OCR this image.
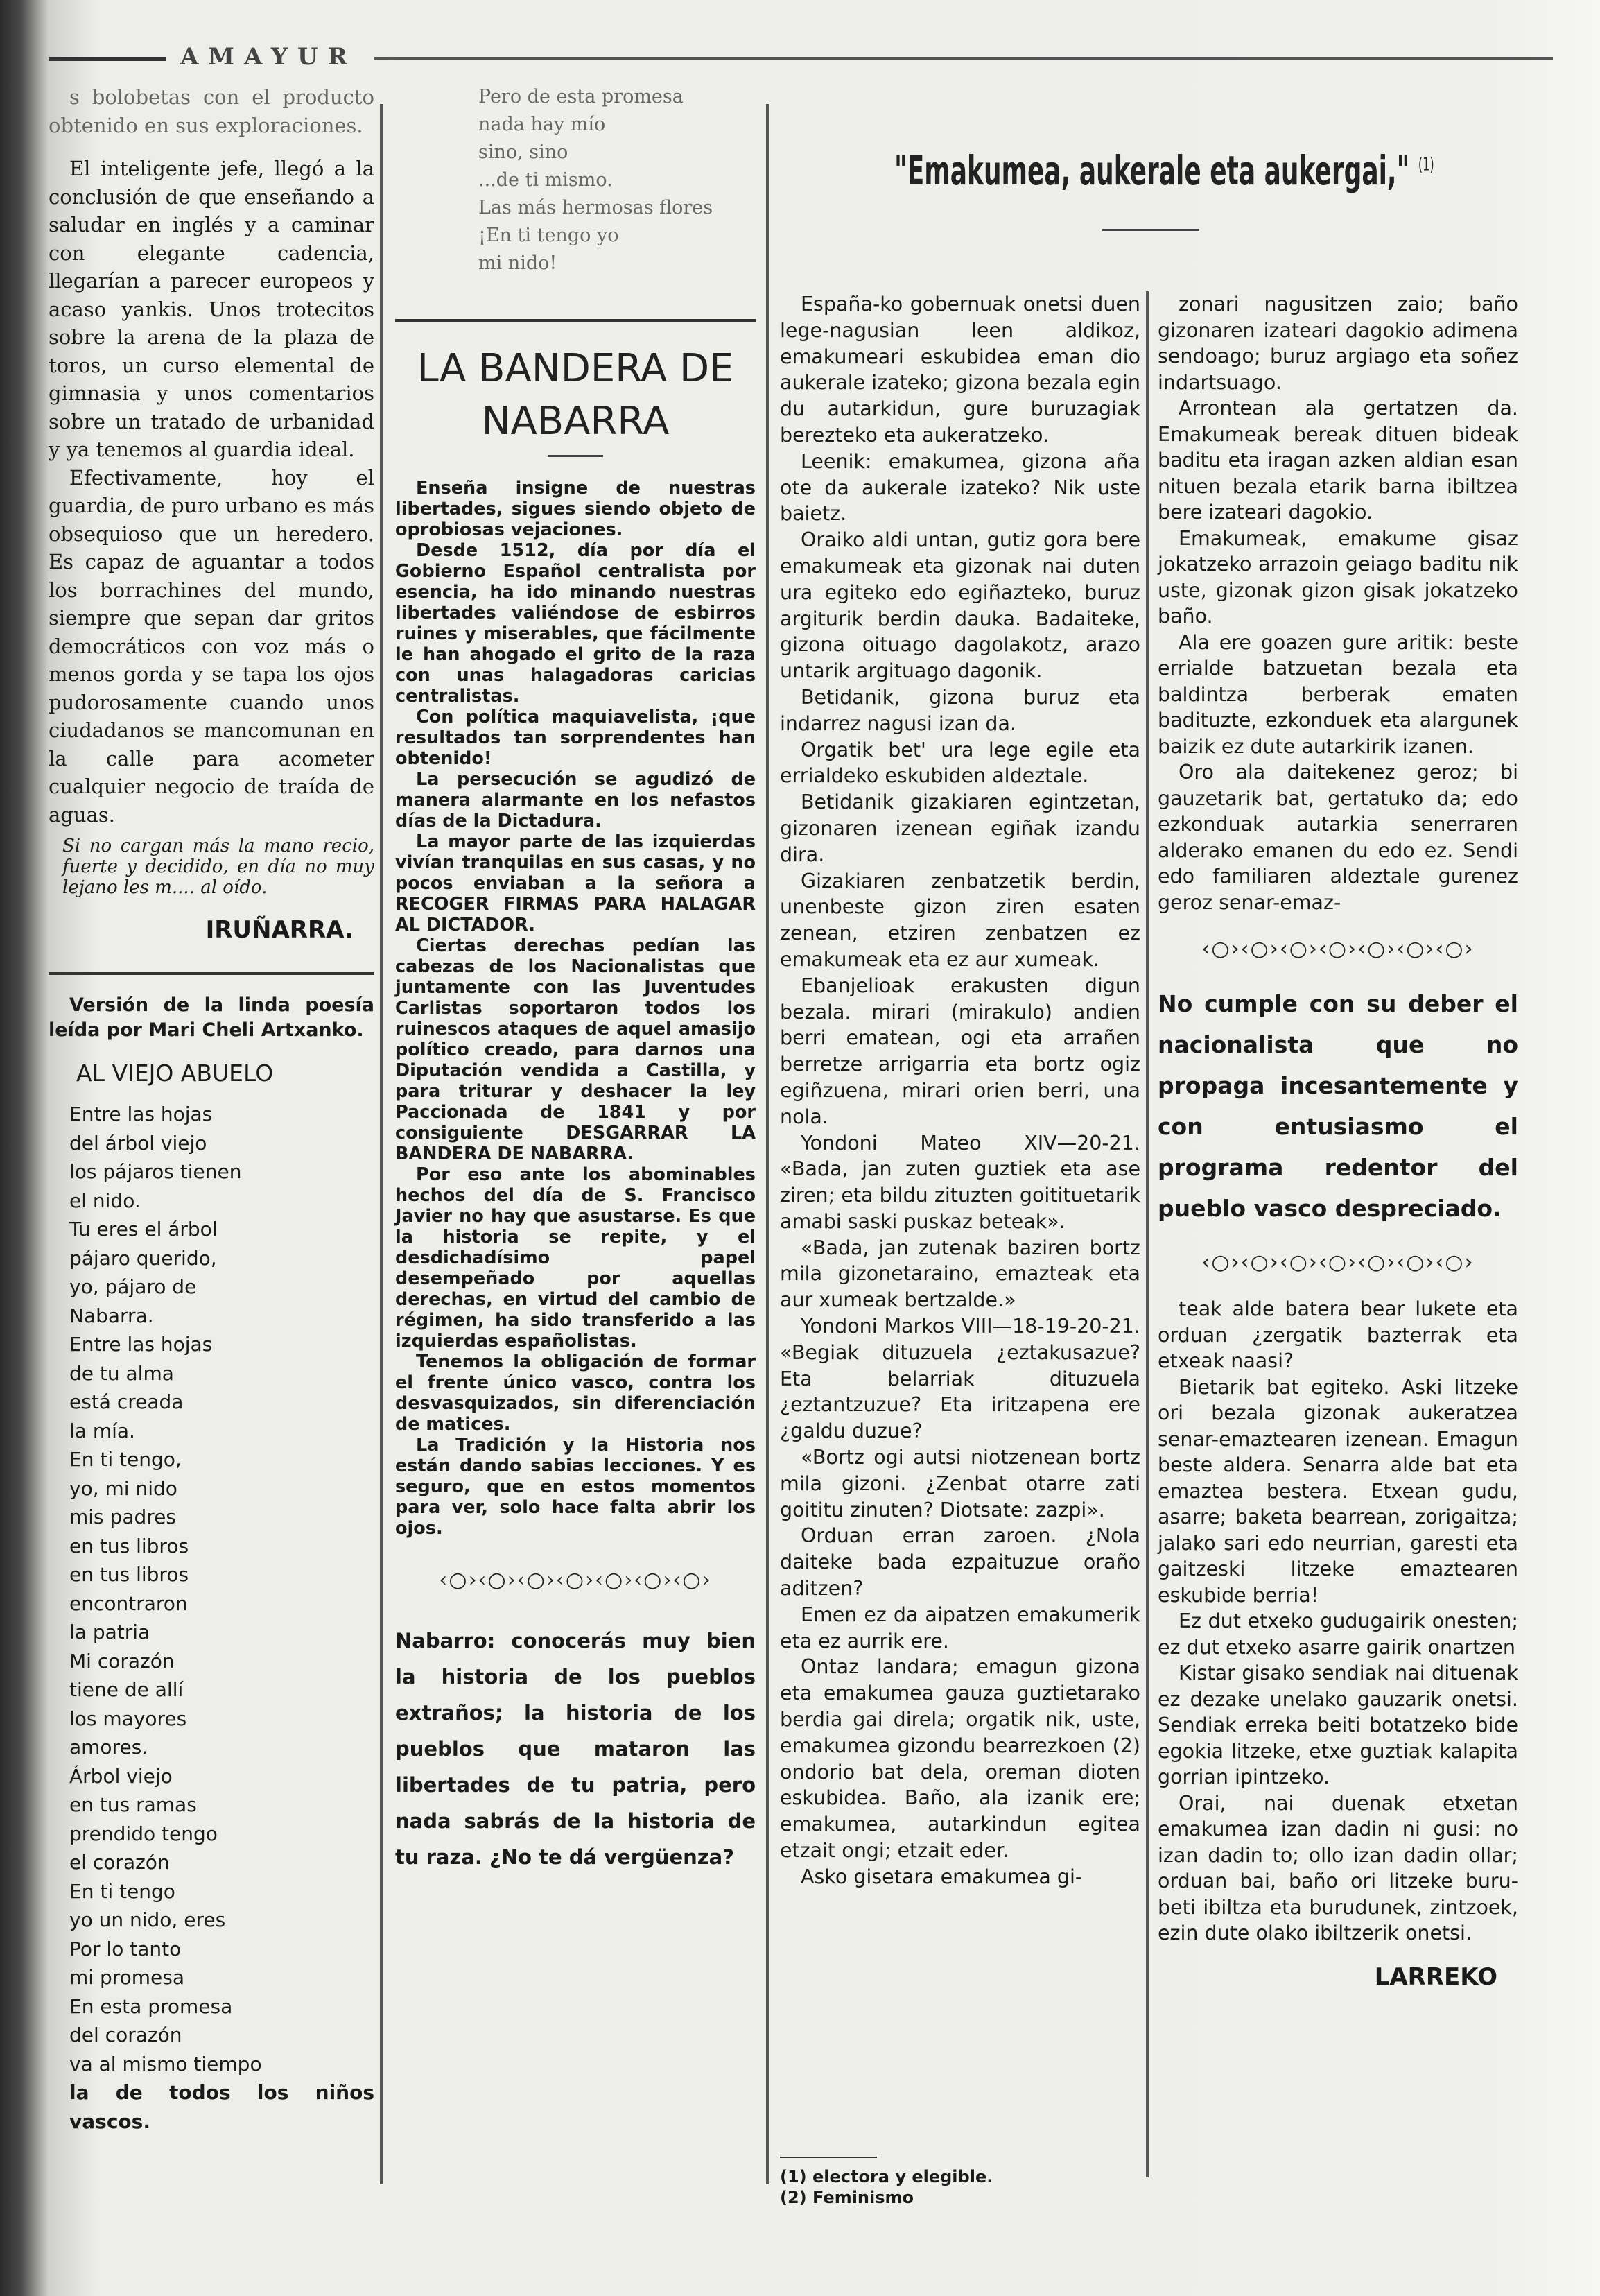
AMAYUR

s bolobetas con el producto obtenido en sus exploraciones.

El inteligente jefe, llegó a la conclusión de que enseñando a saludar en inglés y a caminar con elegante cadencia, llegarían a parecer europeos y acaso yankis. Unos trotecitos sobre la arena de la plaza de toros, un curso elemental de gimnasia y unos comentarios sobre un tratado de urbanidad y ya tenemos al guardia ideal.

Efectivamente, hoy el guardia, de puro urbano es más obsequioso que un heredero. Es capaz de aguantar a todos los borrachines del mundo, siempre que sepan dar gritos democráticos con voz más o menos gorda y se tapa los ojos pudorosamente cuando unos ciudadanos se mancomunan en la calle para acometer cualquier negocio de traída de aguas.

Si no cargan más la mano recio, fuerte y decidido, en día no muy lejano les m.... al oído.

IRUÑARRA.

Versión de la linda poesía leída por Mari Cheli Artxanko.

AL VIEJO ABUELO
Entre las hojas
del árbol viejo
los pájaros tienen
el nido.
Tu eres el árbol
pájaro querido,
yo, pájaro de
Nabarra.
Entre las hojas
de tu alma
está creada
la mía.
En ti tengo,
yo, mi nido
mis padres
en tus libros
en tus libros
encontraron
la patria
Mi corazón
tiene de allí
los mayores
amores.
Árbol viejo
en tus ramas
prendido tengo
el corazón
En ti tengo
yo un nido, eres
Por lo tanto
mi promesa
En esta promesa
del corazón
va al mismo tiempo
la de todos los niños vascos.
Pero de esta promesa
nada hay mío
sino, sino
...de ti mismo.
Las más hermosas flores
¡En ti tengo yo
mi nido!
LA BANDERA DE
NABARRA

Enseña insigne de nuestras libertades, sigues siendo objeto de oprobiosas vejaciones.

Desde 1512, día por día el Gobierno Español centralista por esencia, ha ido minando nuestras libertades valiéndose de esbirros ruines y miserables, que fácilmente le han ahogado el grito de la raza con unas halagadoras caricias centralistas.

Con política maquiavelista, ¡que resultados tan sorprendentes han obtenido!

La persecución se agudizó de manera alarmante en los nefastos días de la Dictadura.

La mayor parte de las izquierdas vivían tranquilas en sus casas, y no pocos enviaban a la señora a RECOGER FIRMAS PARA HALAGAR AL DICTADOR.

Ciertas derechas pedían las cabezas de los Nacionalistas que juntamente con las Juventudes Carlistas soportaron todos los ruinescos ataques de aquel amasijo político creado, para darnos una Diputación vendida a Castilla, y para triturar y deshacer la ley Paccionada de 1841 y por consiguiente DESGARRAR LA BANDERA DE NABARRA.

Por eso ante los abominables hechos del día de S. Francisco Javier no hay que asustarse. Es que la historia se repite, y el desdichadísimo papel desempeñado por aquellas derechas, en virtud del cambio de régimen, ha sido transferido a las izquierdas españolistas.

Tenemos la obligación de formar el frente único vasco, contra los desvasquizados, sin diferenciación de matices.

La Tradición y la Historia nos están dando sabias lecciones. Y es seguro, que en estos momentos para ver, solo hace falta abrir los ojos.

‹○›‹○›‹○›‹○›‹○›‹○›‹○›
Nabarro: conocerás muy bien la historia de los pueblos extraños; la historia de los pueblos que mataron las libertades de tu patria, pero nada sabrás de la historia de tu raza. ¿No te dá vergüenza?
"Emakumea, aukerale eta aukergai," $^{(1)}$

España-ko gobernuak onetsi duen lege-nagusian leen aldikoz, emakumeari eskubidea eman dio aukerale izateko; gizona bezala egin du autarkidun, gure buruzagiak berezteko eta aukeratzeko.

Leenik: emakumea, gizona aña ote da aukerale izateko? Nik uste baietz.

Oraiko aldi untan, gutiz gora bere emakumeak eta gizonak nai duten ura egiteko edo egiñazteko, buruz argiturik berdin dauka. Badaiteke, gizona oituago dagolakotz, arazo untarik argituago dagonik.

Betidanik, gizona buruz eta indarrez nagusi izan da.

Orgatik bet' ura lege egile eta errialdeko eskubiden aldeztale.

Betidanik gizakiaren egintzetan, gizonaren izenean egiñak izandu dira.

Gizakiaren zenbatzetik berdin, unenbeste gizon ziren esaten zenean, etziren zenbatzen ez emakumeak eta ez aur xumeak.

Ebanjelioak erakusten digun bezala. mirari (mirakulo) andien berri ematean, ogi eta arrañen berretze arrigarria eta bortz ogiz egiñzuena, mirari orien berri, una nola.

Yondoni Mateo XIV—20-21. «Bada, jan zuten guztiek eta ase ziren; eta bildu zituzten goitituetarik amabi saski puskaz beteak».

«Bada, jan zutenak baziren bortz mila gizonetaraino, emazteak eta aur xumeak bertzalde.»

Yondoni Markos VIII—18-19-20-21. «Begiak dituzuela ¿eztakusazue? Eta belarriak dituzuela ¿eztantzuzue? Eta iritzapena ere ¿galdu duzue?

«Bortz ogi autsi niotzenean bortz mila gizoni. ¿Zenbat otarre zati goititu zinuten? Diotsate: zazpi».

Orduan erran zaroen. ¿Nola daiteke bada ezpaituzue oraño aditzen?

Emen ez da aipatzen emakumerik eta ez aurrik ere.

Ontaz landara; emagun gizona eta emakumea gauza guztietarako berdia gai direla; orgatik nik, uste, emakumea gizondu bearrezkoen (2) ondorio bat dela, oreman dioten eskubidea. Baño, ala izanik ere; emakumea, autarkindun egitea etzait ongi; etzait eder.

Asko gisetara emakumea gi-

(1) electora y elegible.
(2) Feminismo

zonari nagusitzen zaio; baño gizonaren izateari dagokio adimena sendoago; buruz argiago eta soñez indartsuago.

Arrontean ala gertatzen da. Emakumeak bereak dituen bideak baditu eta iragan azken aldian esan nituen bezala etarik barna ibiltzea bere izateari dagokio.

Emakumeak, emakume gisaz jokatzeko arrazoin geiago baditu nik uste, gizonak gizon gisak jokatzeko baño.

Ala ere goazen gure aritik: beste errialde batzuetan bezala eta baldintza berberak ematen badituzte, ezkonduek eta alargunek baizik ez dute autarkirik izanen.

Oro ala daitekenez geroz; bi gauzetarik bat, gertatuko da; edo ezkonduak autarkia senerraren alderako emanen du edo ez. Sendi edo familiaren aldeztale gurenez geroz senar-emaz-

‹○›‹○›‹○›‹○›‹○›‹○›‹○›
No cumple con su deber el nacionalista que no propaga incesantemente y con entusiasmo el programa redentor del pueblo vasco despreciado.
‹○›‹○›‹○›‹○›‹○›‹○›‹○›

teak alde batera bear lukete eta orduan ¿zergatik bazterrak eta etxeak naasi?

Bietarik bat egiteko. Aski litzeke ori bezala gizonak aukeratzea senar-emaztearen izenean. Emagun beste aldera. Senarra alde bat eta emaztea bestera. Etxean gudu, asarre; baketa bearrean, zorigaitza; jalako sari edo neurrian, garesti eta gaitzeski litzeke emaztearen eskubide berria!

Ez dut etxeko gudugairik onesten; ez dut etxeko asarre gairik onartzen

Kistar gisako sendiak nai dituenak ez dezake unelako gauzarik onetsi. Sendiak erreka beiti botatzeko bide egokia litzeke, etxe guztiak kalapita gorrian ipintzeko.

Orai, nai duenak etxetan emakumea izan dadin ni gusi: no izan dadin to; ollo izan dadin ollar; orduan bai, baño ori litzeke buru-beti ibiltza eta burudunek, zintzoek, ezin dute olako ibiltzerik onetsi.

LARREKO
